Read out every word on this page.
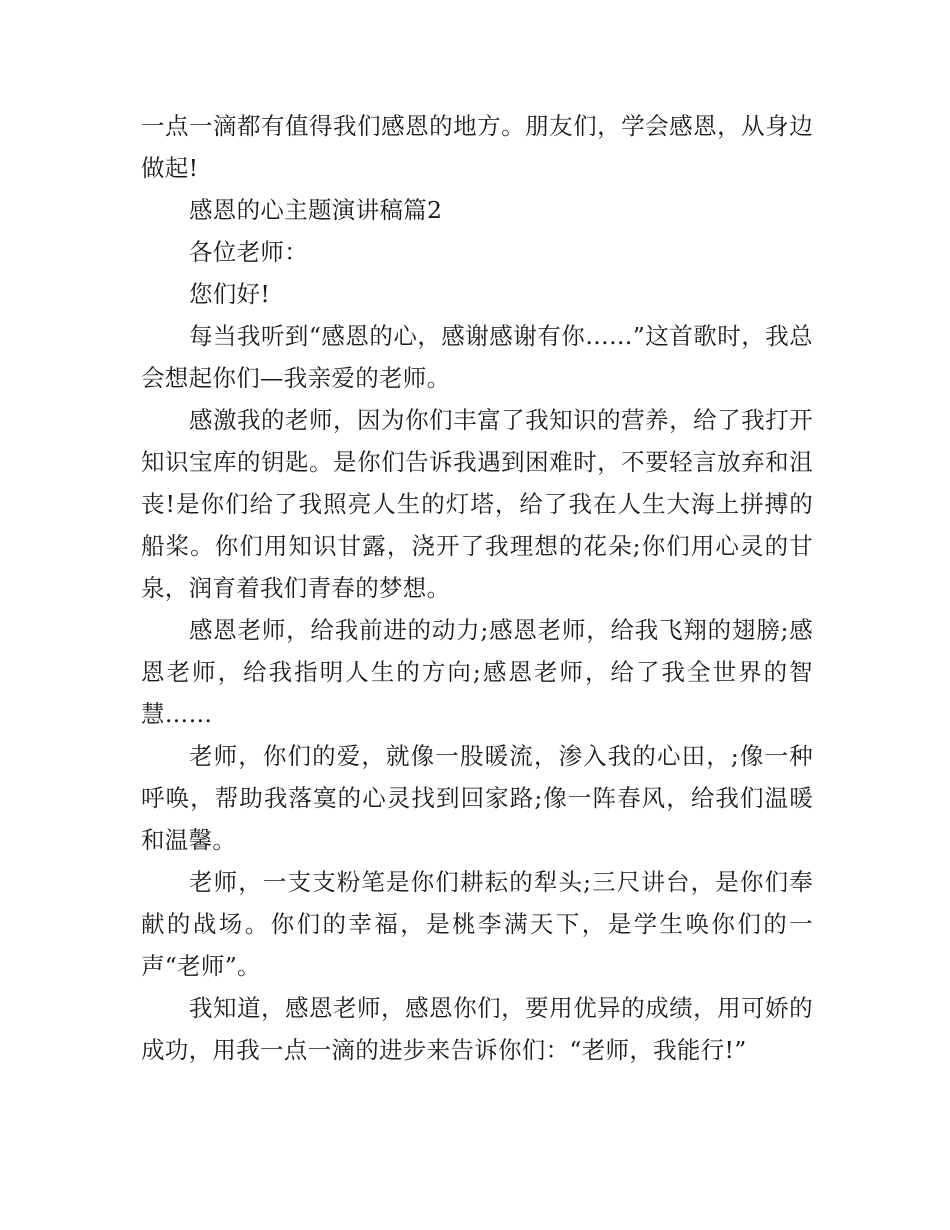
一点一滴都有值得我们感恩的地方。朋友们，学会感恩，从身边做起!

感恩的心主题演讲稿篇2

各位老师：

您们好!

每当我听到“感恩的心，感谢感谢有你……”这首歌时，我总会想起你们—我亲爱的老师。

感激我的老师，因为你们丰富了我知识的营养，给了我打开知识宝库的钥匙。是你们告诉我遇到困难时，不要轻言放弃和沮丧!是你们给了我照亮人生的灯塔，给了我在人生大海上拼搏的船桨。你们用知识甘露，浇开了我理想的花朵;你们用心灵的甘泉，润育着我们青春的梦想。

感恩老师，给我前进的动力;感恩老师，给我飞翔的翅膀;感恩老师，给我指明人生的方向;感恩老师，给了我全世界的智慧……

老师，你们的爱，就像一股暖流，渗入我的心田，;像一种呼唤，帮助我落寞的心灵找到回家路;像一阵春风，给我们温暖和温馨。

老师，一支支粉笔是你们耕耘的犁头;三尺讲台，是你们奉献的战场。你们的幸福，是桃李满天下，是学生唤你们的一声“老师”。

我知道，感恩老师，感恩你们，要用优异的成绩，用可娇的成功，用我一点一滴的进步来告诉你们：“老师，我能行!”
